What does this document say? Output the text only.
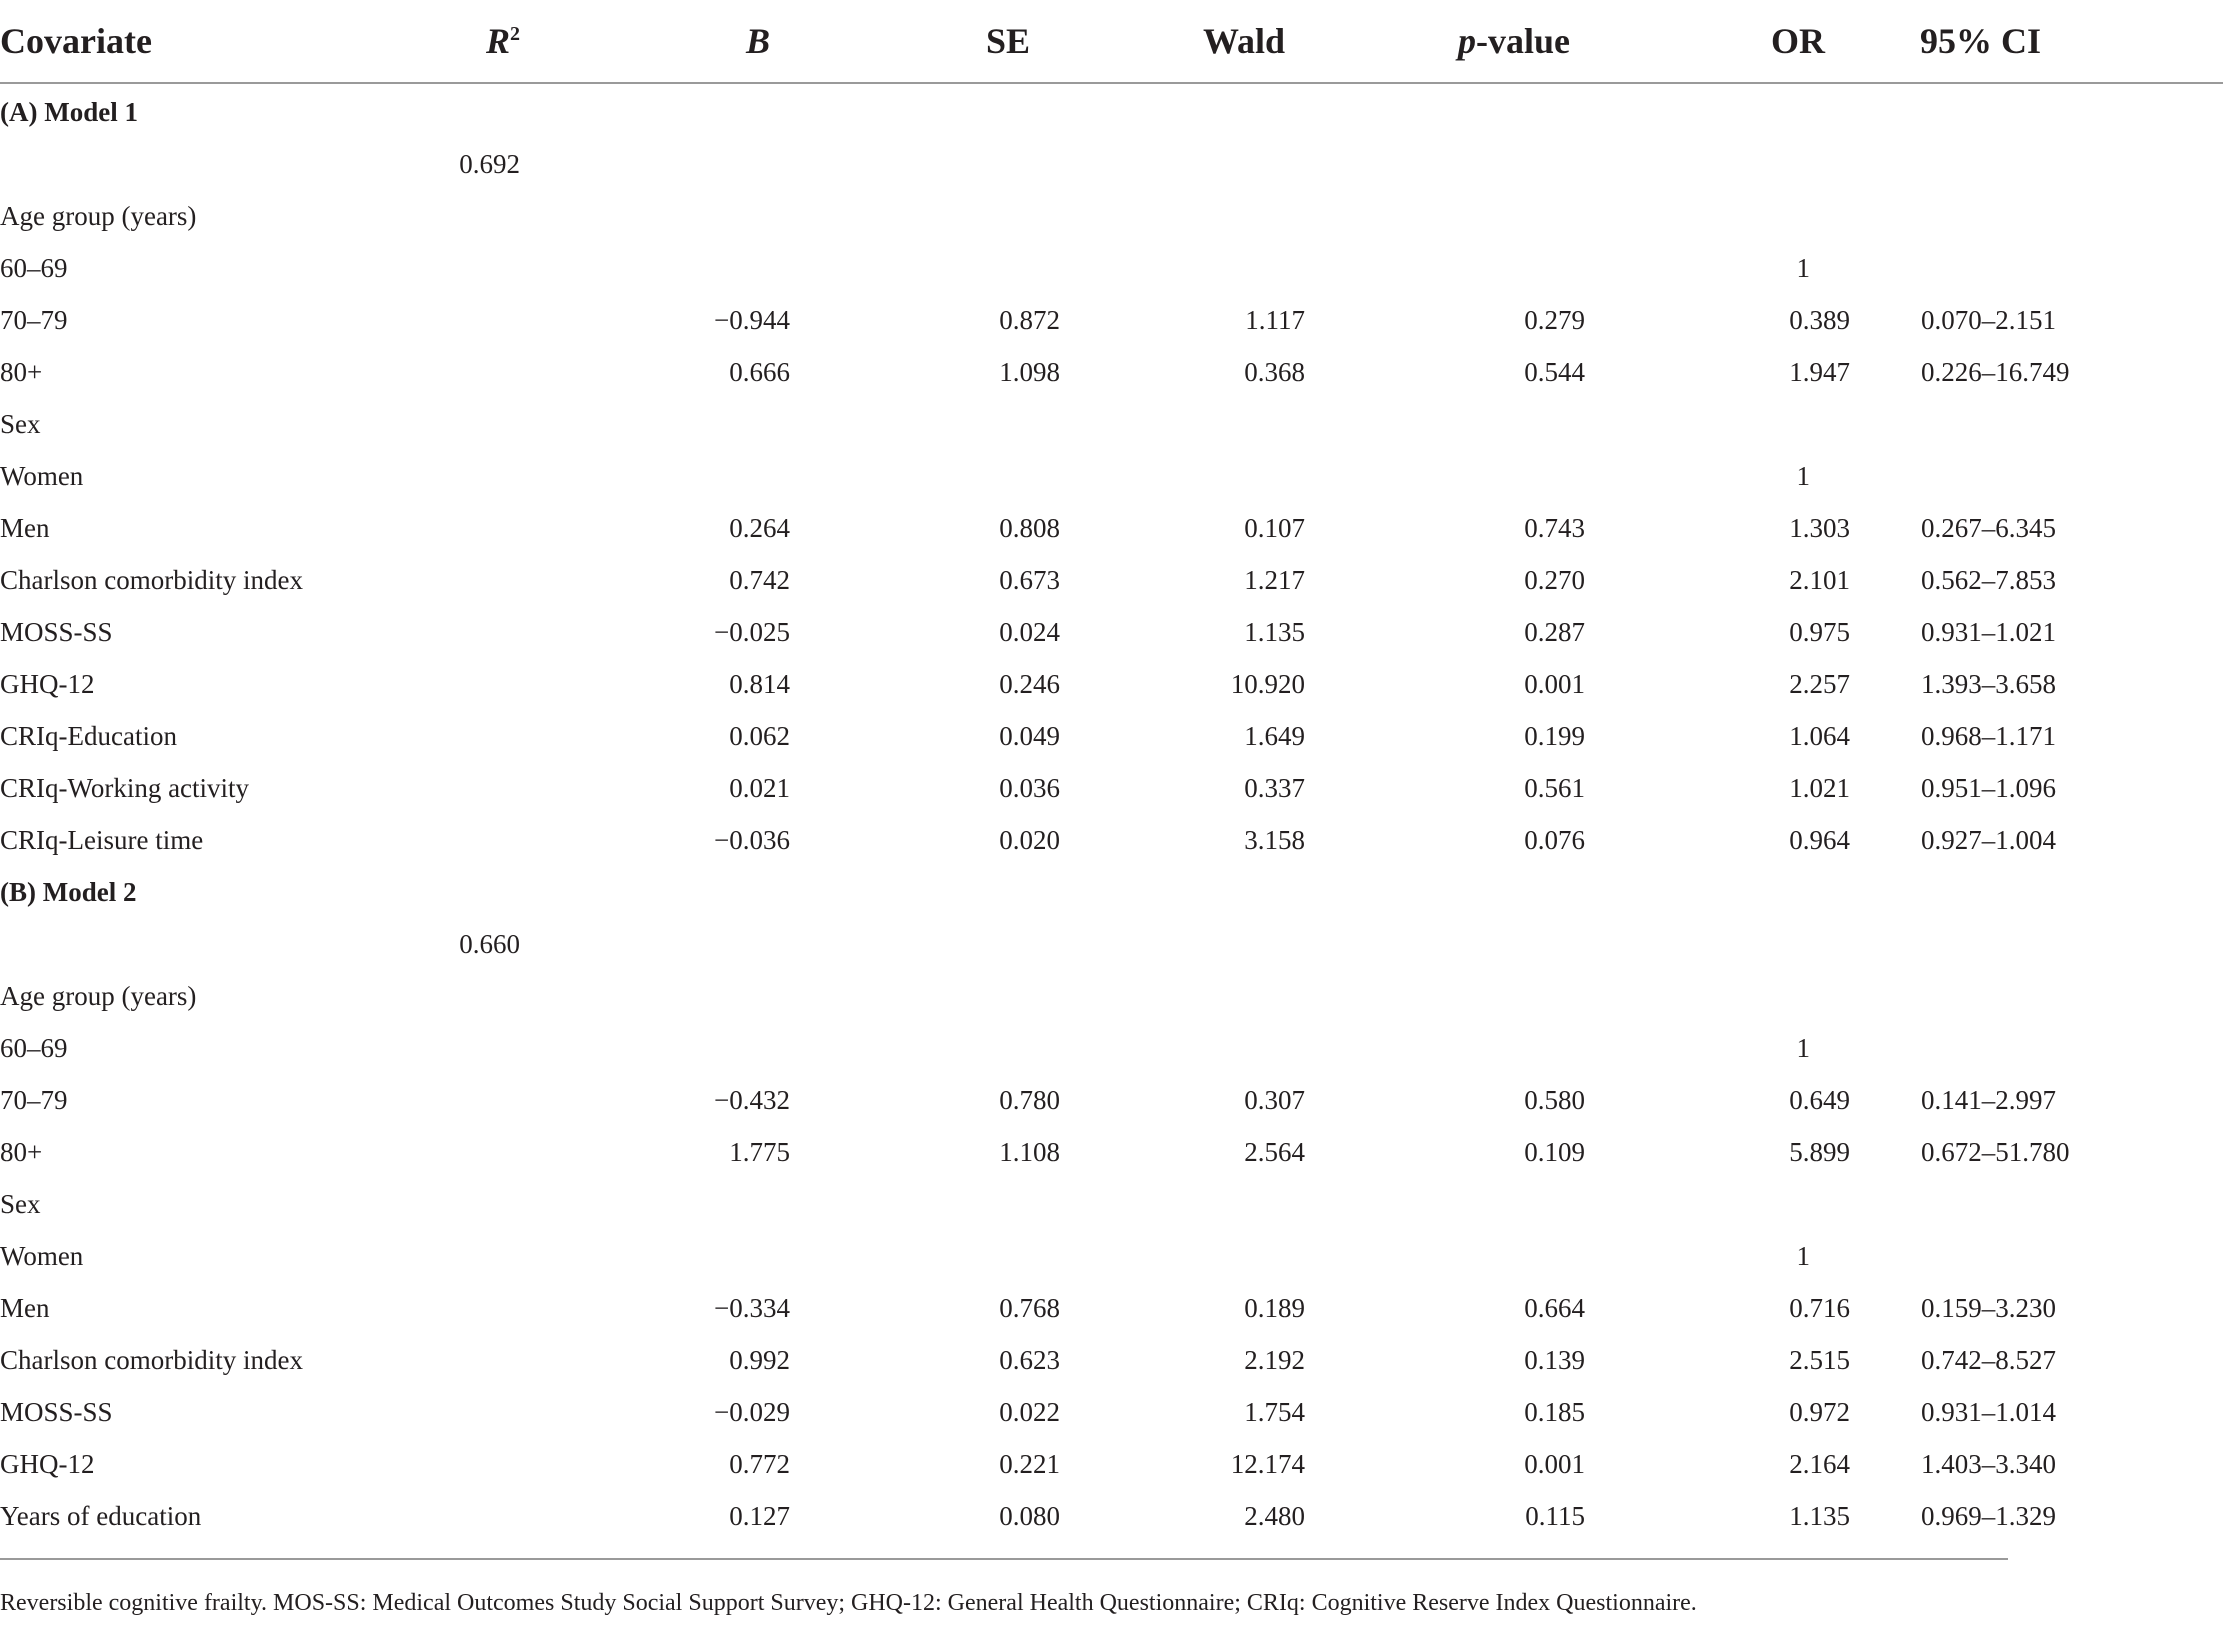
Covariate	$R^2$	B	SE	Wald	p-value	OR	95% CI
(A) Model 1							
	0.692						
Age group (years)							
60–69						1	
70–79		−0.944	0.872	1.117	0.279	0.389	0.070–2.151
80+		0.666	1.098	0.368	0.544	1.947	0.226–16.749
Sex							
Women						1	
Men		0.264	0.808	0.107	0.743	1.303	0.267–6.345
Charlson comorbidity index		0.742	0.673	1.217	0.270	2.101	0.562–7.853
MOSS-SS		−0.025	0.024	1.135	0.287	0.975	0.931–1.021
GHQ-12		0.814	0.246	10.920	0.001	2.257	1.393–3.658
CRIq-Education		0.062	0.049	1.649	0.199	1.064	0.968–1.171
CRIq-Working activity		0.021	0.036	0.337	0.561	1.021	0.951–1.096
CRIq-Leisure time		−0.036	0.020	3.158	0.076	0.964	0.927–1.004
(B) Model 2							
	0.660						
Age group (years)							
60–69						1	
70–79		−0.432	0.780	0.307	0.580	0.649	0.141–2.997
80+		1.775	1.108	2.564	0.109	5.899	0.672–51.780
Sex							
Women						1	
Men		−0.334	0.768	0.189	0.664	0.716	0.159–3.230
Charlson comorbidity index		0.992	0.623	2.192	0.139	2.515	0.742–8.527
MOSS-SS		−0.029	0.022	1.754	0.185	0.972	0.931–1.014
GHQ-12		0.772	0.221	12.174	0.001	2.164	1.403–3.340
Years of education		0.127	0.080	2.480	0.115	1.135	0.969–1.329
Reversible cognitive frailty. MOS-SS: Medical Outcomes Study Social Support Survey; GHQ-12: General Health Questionnaire; CRIq: Cognitive Reserve Index Questionnaire.
